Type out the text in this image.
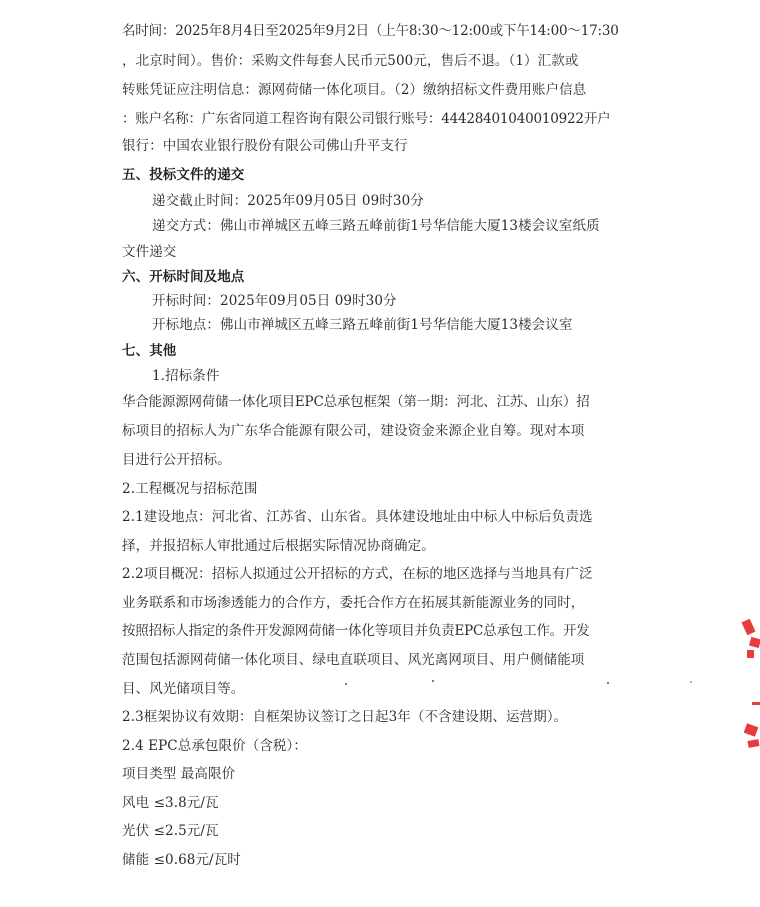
名时间：2025年8月4日至2025年9月2日（上午8:30～12:00或下午14:00～17:30
，北京时间）。售价：采购文件每套人民币元500元，售后不退。（1）汇款或
转账凭证应注明信息：源网荷储一体化项目。（2）缴纳招标文件费用账户信息
：账户名称：广东省同道工程咨询有限公司银行账号：44428401040010922开户
银行：中国农业银行股份有限公司佛山升平支行
五、投标文件的递交
递交截止时间：2025年09月05日 09时30分
递交方式：佛山市禅城区五峰三路五峰前街1号华信能大厦13楼会议室纸质
文件递交
六、开标时间及地点
开标时间：2025年09月05日 09时30分
开标地点：佛山市禅城区五峰三路五峰前街1号华信能大厦13楼会议室
七、其他
1.招标条件
华合能源源网荷储一体化项目EPC总承包框架（第一期：河北、江苏、山东）招
标项目的招标人为广东华合能源有限公司，建设资金来源企业自筹。现对本项
目进行公开招标。
2.工程概况与招标范围
2.1建设地点：河北省、江苏省、山东省。具体建设地址由中标人中标后负责选
择，并报招标人审批通过后根据实际情况协商确定。
2.2项目概况：招标人拟通过公开招标的方式，在标的地区选择与当地具有广泛
业务联系和市场渗透能力的合作方，委托合作方在拓展其新能源业务的同时，
按照招标人指定的条件开发源网荷储一体化等项目并负责EPC总承包工作。开发
范围包括源网荷储一体化项目、绿电直联项目、风光离网项目、用户侧储能项
目、风光储项目等。
2.3框架协议有效期：自框架协议签订之日起3年（不含建设期、运营期）。
2.4 EPC总承包限价（含税）：
项目类型 最高限价
风电 ≤3.8元/瓦
光伏 ≤2.5元/瓦
储能 ≤0.68元/瓦时
